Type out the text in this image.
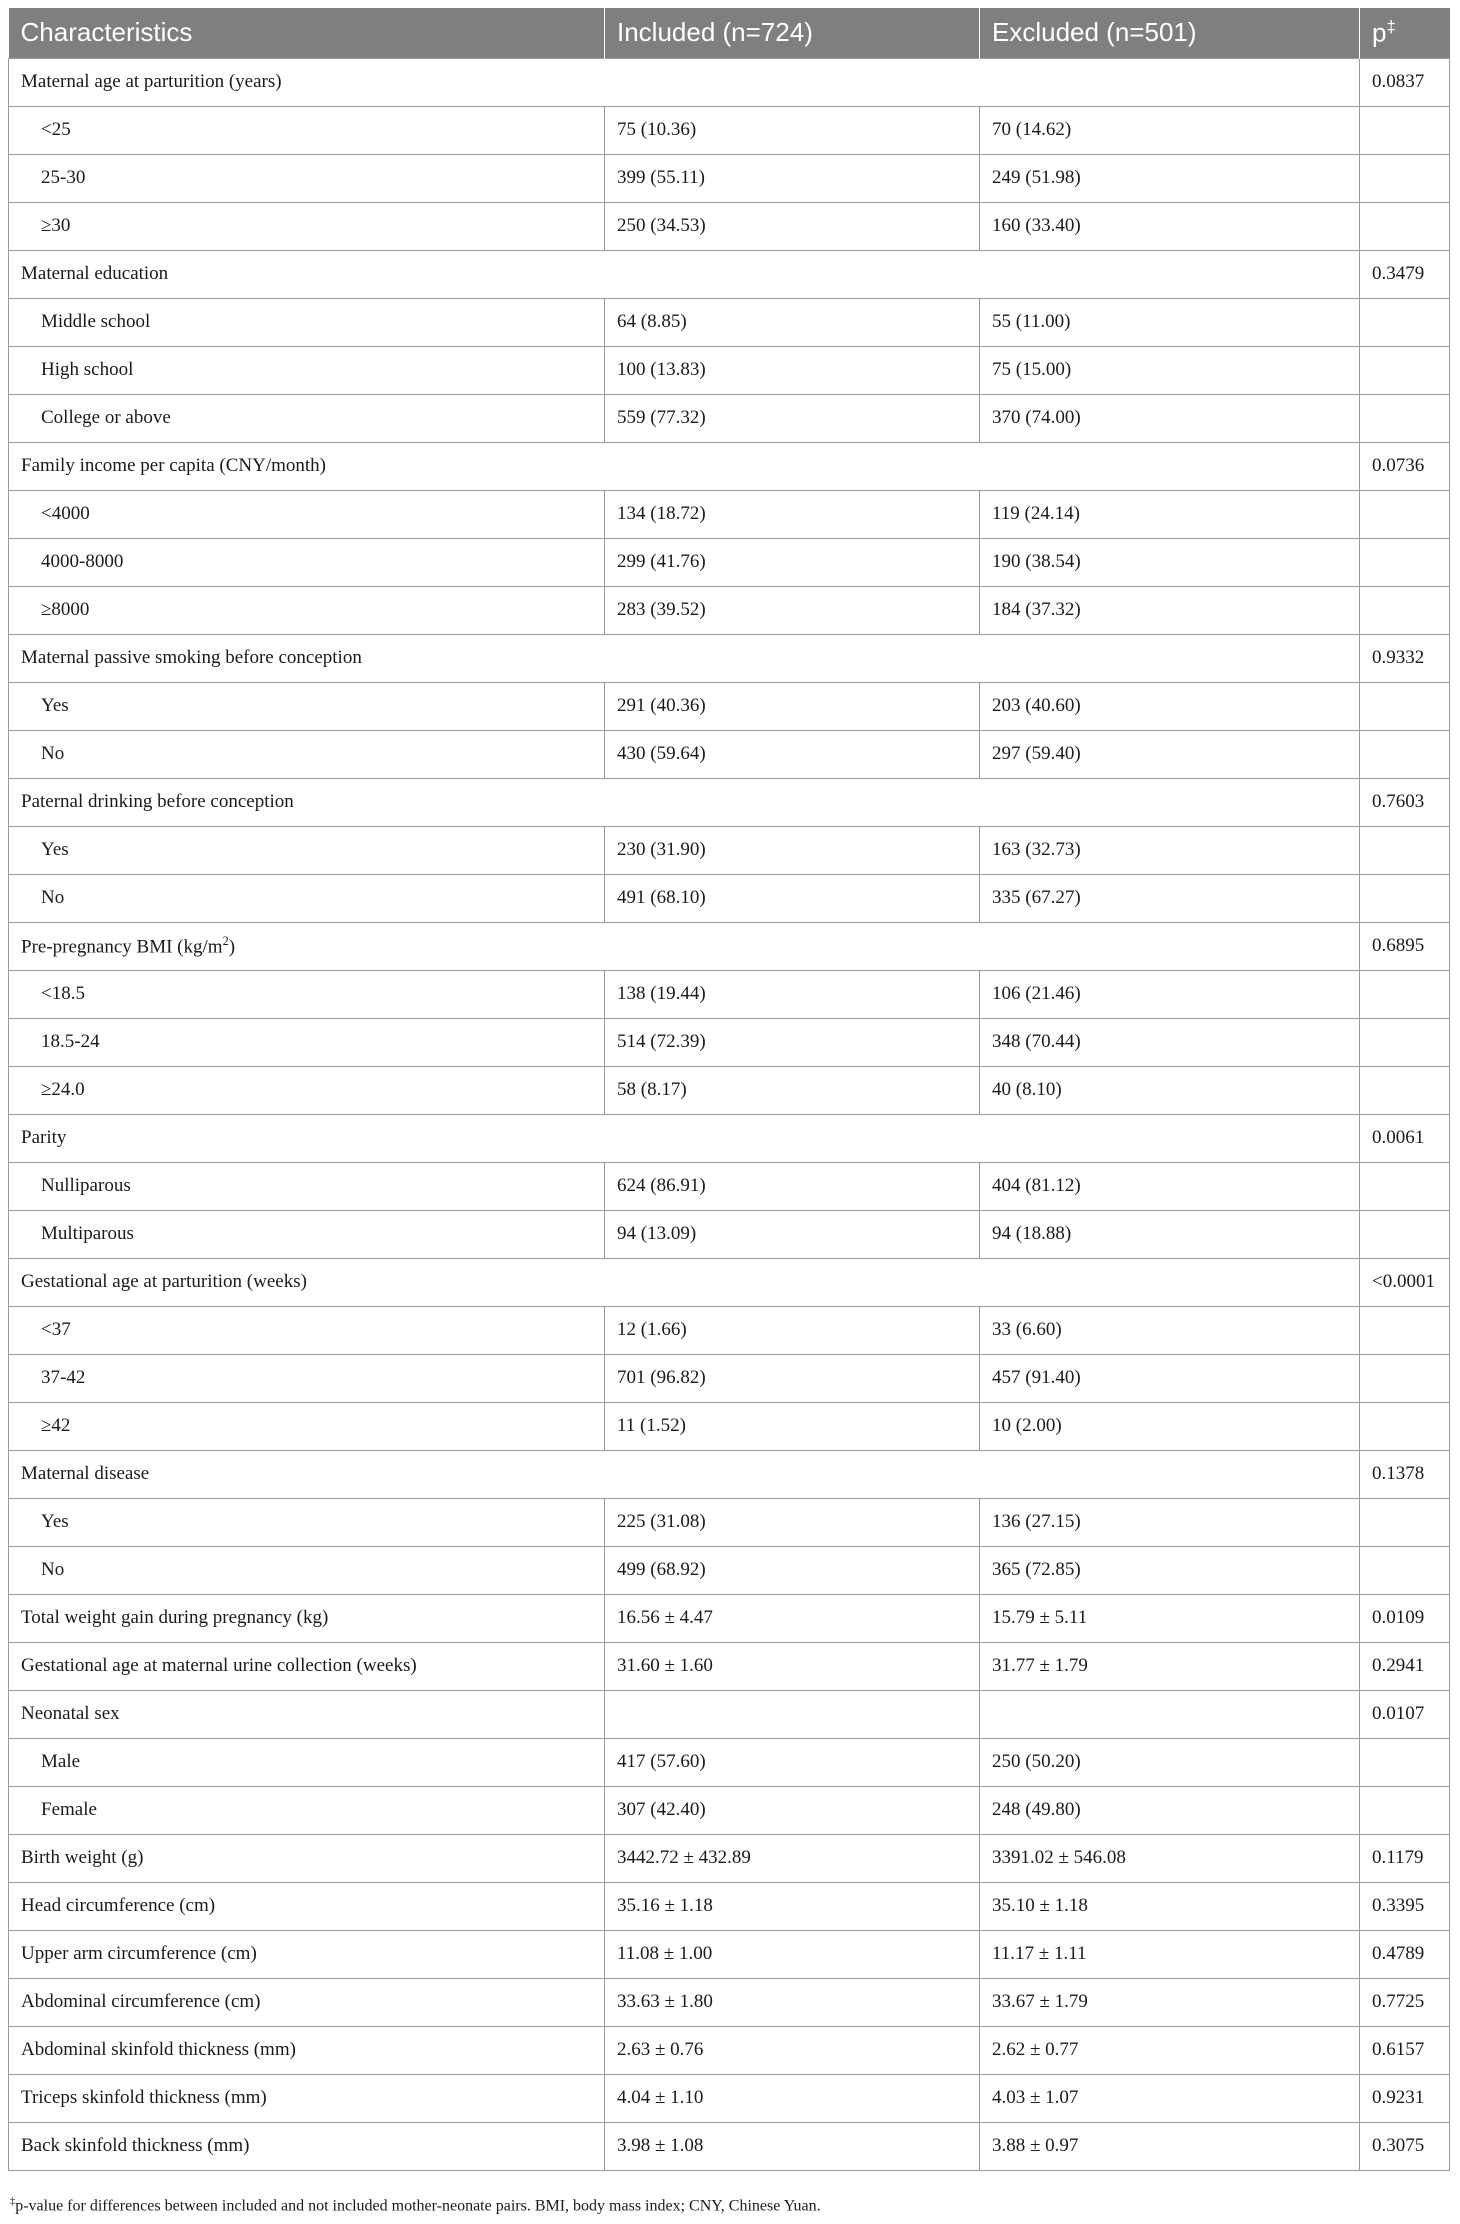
Characteristics	Included (n=724)	Excluded (n=501)	p‡
Maternal age at parturition (years)			0.0837
<25	75 (10.36)	70 (14.62)	
25-30	399 (55.11)	249 (51.98)	
≥30	250 (34.53)	160 (33.40)	
Maternal education			0.3479
Middle school	64 (8.85)	55 (11.00)	
High school	100 (13.83)	75 (15.00)	
College or above	559 (77.32)	370 (74.00)	
Family income per capita (CNY/month)			0.0736
<4000	134 (18.72)	119 (24.14)	
4000-8000	299 (41.76)	190 (38.54)	
≥8000	283 (39.52)	184 (37.32)	
Maternal passive smoking before conception			0.9332
Yes	291 (40.36)	203 (40.60)	
No	430 (59.64)	297 (59.40)	
Paternal drinking before conception			0.7603
Yes	230 (31.90)	163 (32.73)	
No	491 (68.10)	335 (67.27)	
Pre-pregnancy BMI $(kg/m^2)$			0.6895
<18.5	138 (19.44)	106 (21.46)	
18.5-24	514 (72.39)	348 (70.44)	
≥24.0	58 (8.17)	40 (8.10)	
Parity			0.0061
Nulliparous	624 (86.91)	404 (81.12)	
Multiparous	94 (13.09)	94 (18.88)	
Gestational age at parturition (weeks)			<0.0001
<37	12 (1.66)	33 (6.60)	
37-42	701 (96.82)	457 (91.40)	
≥42	11 (1.52)	10 (2.00)	
Maternal disease			0.1378
Yes	225 (31.08)	136 (27.15)	
No	499 (68.92)	365 (72.85)	
Total weight gain during pregnancy (kg)	16.56 ± 4.47	15.79 ± 5.11	0.0109
Gestational age at maternal urine collection (weeks)	31.60 ± 1.60	31.77 ± 1.79	0.2941
Neonatal sex			0.0107
Male	417 (57.60)	250 (50.20)	
Female	307 (42.40)	248 (49.80)	
Birth weight (g)	3442.72 ± 432.89	3391.02 ± 546.08	0.1179
Head circumference (cm)	35.16 ± 1.18	35.10 ± 1.18	0.3395
Upper arm circumference (cm)	11.08 ± 1.00	11.17 ± 1.11	0.4789
Abdominal circumference (cm)	33.63 ± 1.80	33.67 ± 1.79	0.7725
Abdominal skinfold thickness (mm)	2.63 ± 0.76	2.62 ± 0.77	0.6157
Triceps skinfold thickness (mm)	4.04 ± 1.10	4.03 ± 1.07	0.9231
Back skinfold thickness (mm)	3.98 ± 1.08	3.88 ± 0.97	0.3075
‡p-value for differences between included and not included mother-neonate pairs. BMI, body mass index; CNY, Chinese Yuan.
